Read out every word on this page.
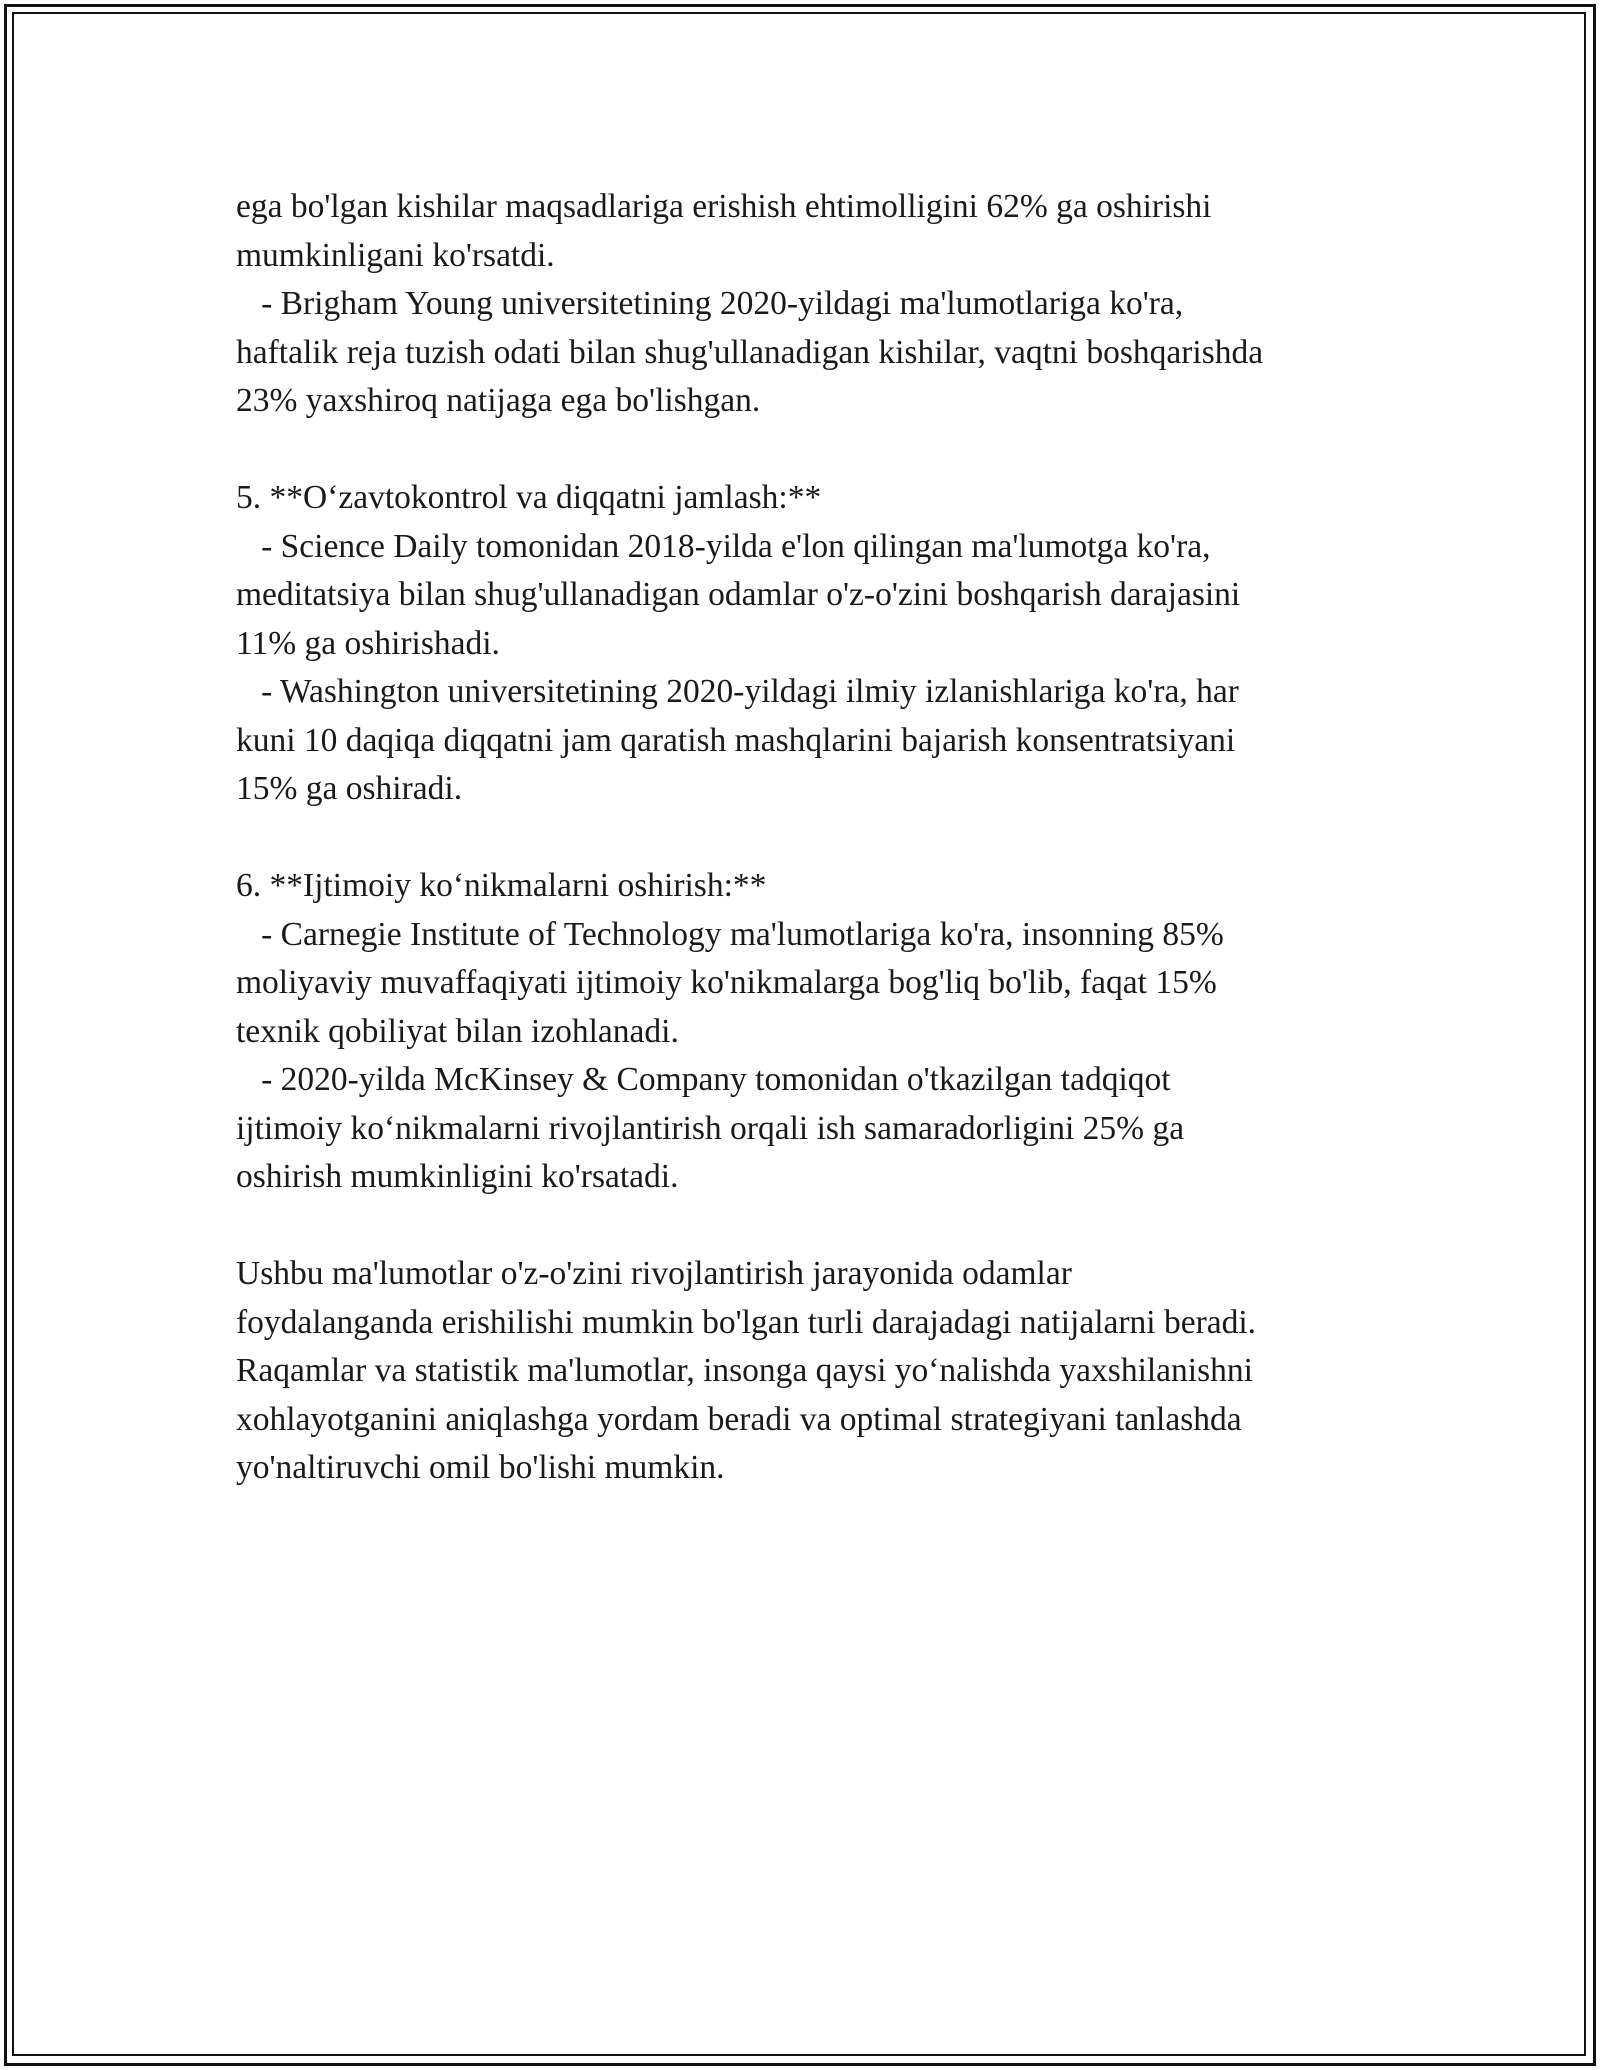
ega bo'lgan kishilar maqsadlariga erishish ehtimolligini 62% ga oshirishi

mumkinligani ko'rsatdi.

- Brigham Young universitetining 2020-yildagi ma'lumotlariga ko'ra,

haftalik reja tuzish odati bilan shug'ullanadigan kishilar, vaqtni boshqarishda

23% yaxshiroq natijaga ega bo'lishgan.

5. **O‘zavtokontrol va diqqatni jamlash:**

- Science Daily tomonidan 2018-yilda e'lon qilingan ma'lumotga ko'ra,

meditatsiya bilan shug'ullanadigan odamlar o'z-o'zini boshqarish darajasini

11% ga oshirishadi.

- Washington universitetining 2020-yildagi ilmiy izlanishlariga ko'ra, har

kuni 10 daqiqa diqqatni jam qaratish mashqlarini bajarish konsentratsiyani

15% ga oshiradi.

6. **Ijtimoiy ko‘nikmalarni oshirish:**

- Carnegie Institute of Technology ma'lumotlariga ko'ra, insonning 85%

moliyaviy muvaffaqiyati ijtimoiy ko'nikmalarga bog'liq bo'lib, faqat 15%

texnik qobiliyat bilan izohlanadi.

- 2020-yilda McKinsey & Company tomonidan o'tkazilgan tadqiqot

ijtimoiy ko‘nikmalarni rivojlantirish orqali ish samaradorligini 25% ga

oshirish mumkinligini ko'rsatadi.

Ushbu ma'lumotlar o'z-o'zini rivojlantirish jarayonida odamlar

foydalanganda erishilishi mumkin bo'lgan turli darajadagi natijalarni beradi.

Raqamlar va statistik ma'lumotlar, insonga qaysi yo‘nalishda yaxshilanishni

xohlayotganini aniqlashga yordam beradi va optimal strategiyani tanlashda

yo'naltiruvchi omil bo'lishi mumkin.
